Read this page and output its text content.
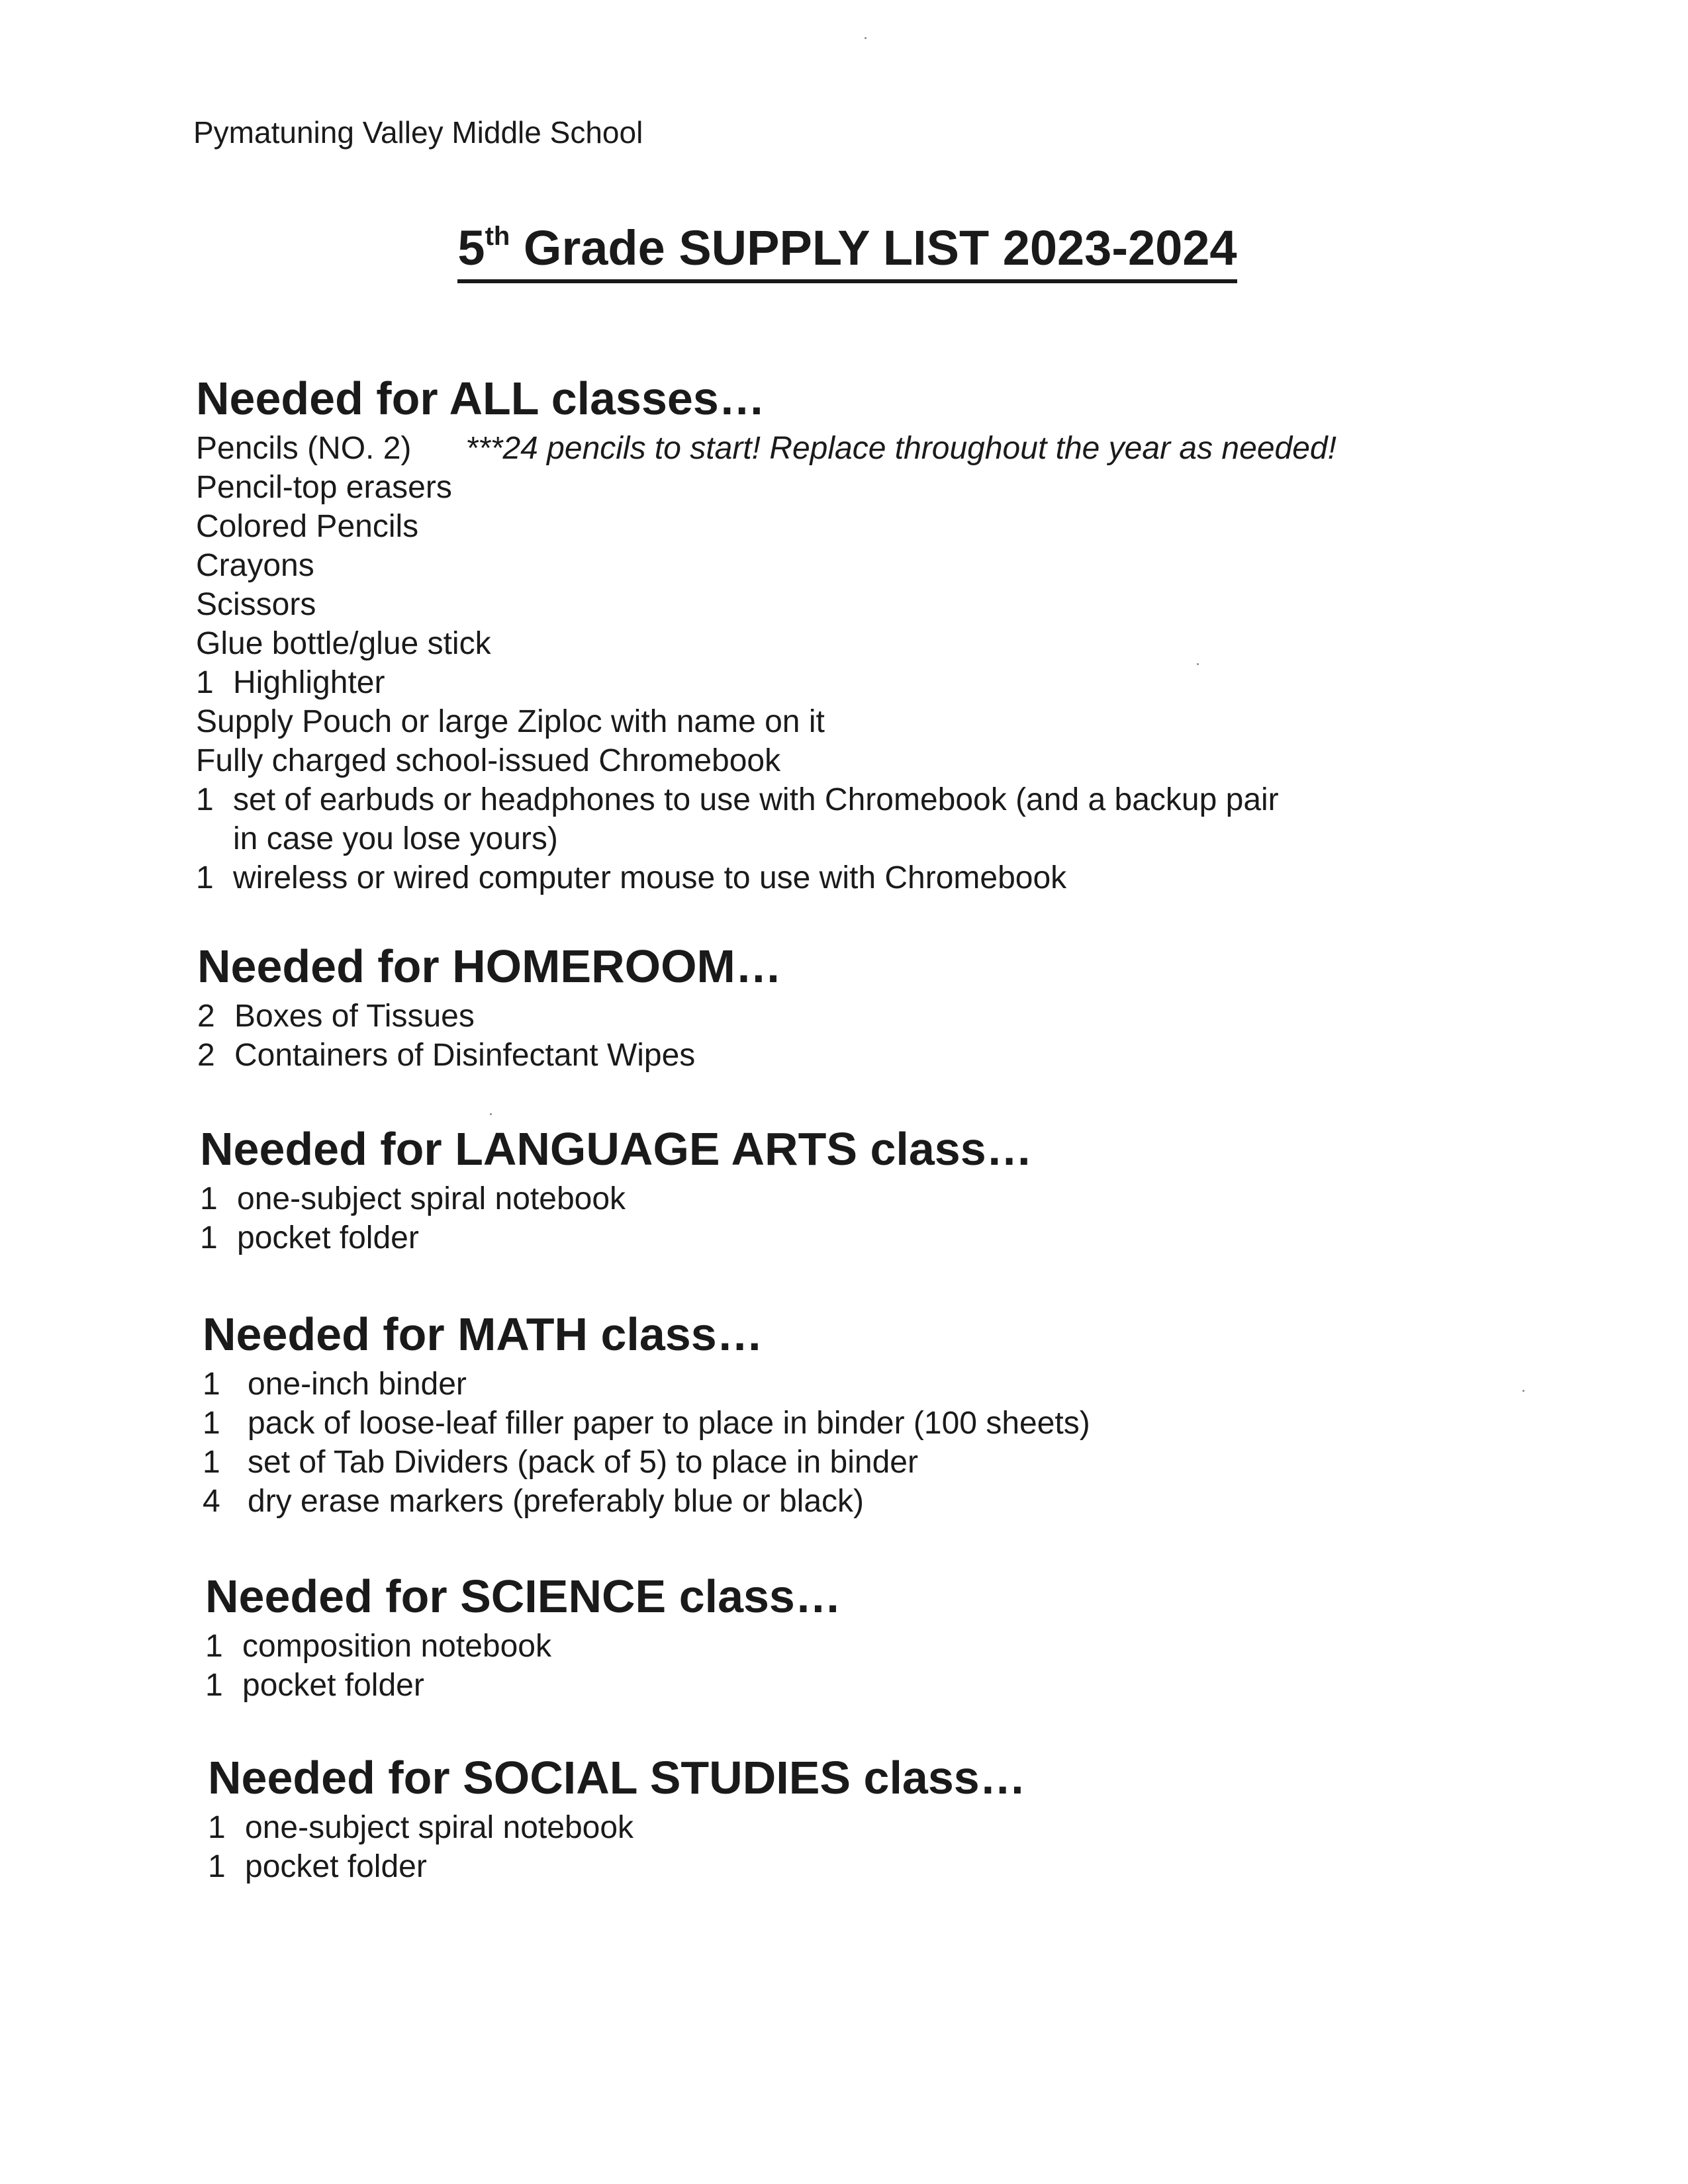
Pymatuning Valley Middle School
5th Grade SUPPLY LIST 2023-2024
Needed for ALL classes…
Pencils (NO. 2) ***24 pencils to start! Replace throughout the year as needed!
Pencil-top erasers
Colored Pencils
Crayons
Scissors
Glue bottle/glue stick
1 Highlighter
Supply Pouch or large Ziploc with name on it
Fully charged school-issued Chromebook
1 set of earbuds or headphones to use with Chromebook (and a backup pair in case you lose yours)
1 wireless or wired computer mouse to use with Chromebook
Needed for HOMEROOM…
2 Boxes of Tissues
2 Containers of Disinfectant Wipes
Needed for LANGUAGE ARTS class…
1 one-subject spiral notebook
1 pocket folder
Needed for MATH class…
1 one-inch binder
1 pack of loose-leaf filler paper to place in binder (100 sheets)
1 set of Tab Dividers (pack of 5) to place in binder
4 dry erase markers (preferably blue or black)
Needed for SCIENCE class…
1 composition notebook
1 pocket folder
Needed for SOCIAL STUDIES class…
1 one-subject spiral notebook
1 pocket folder
